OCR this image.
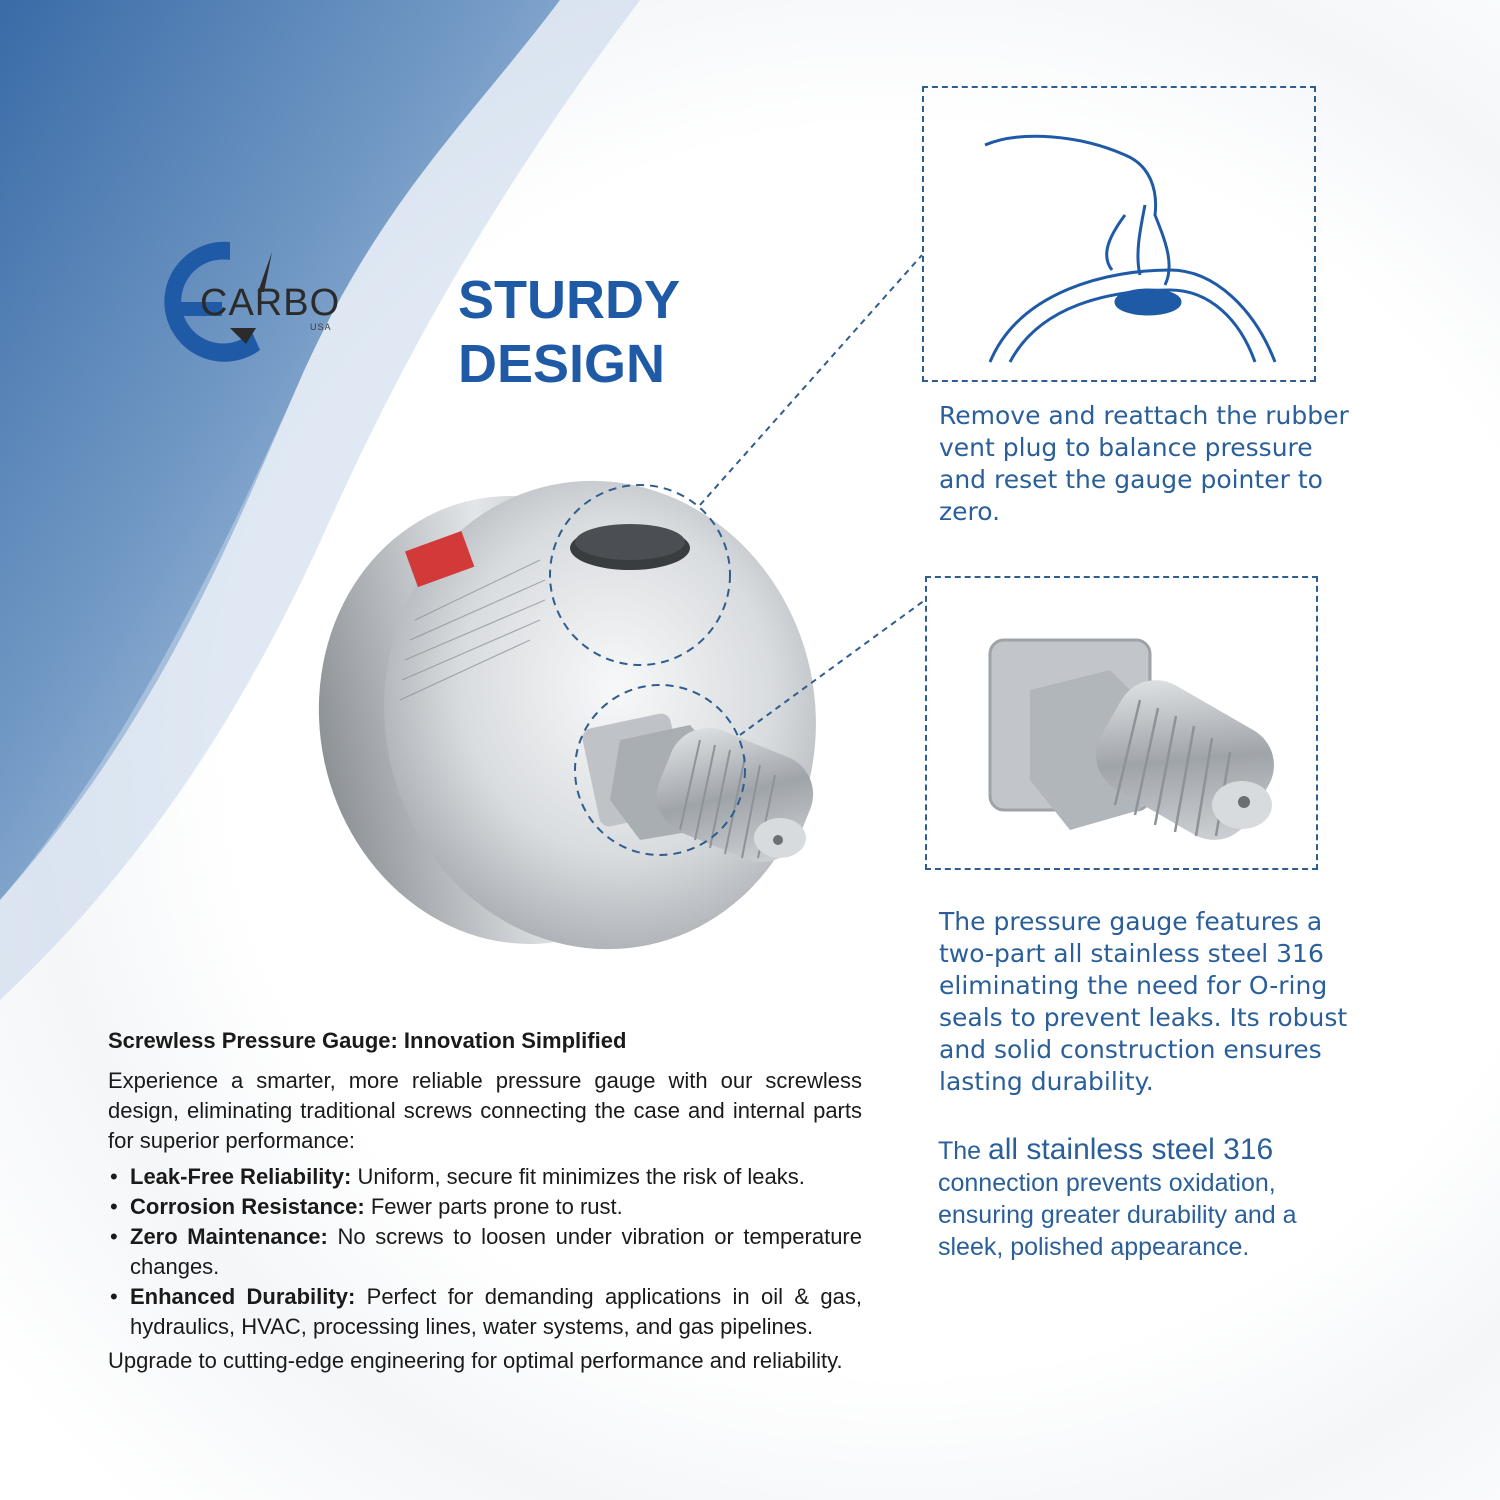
CARBO
USA STURDY
DESIGN
Remove and reattach the rubber vent plug to balance pressure and reset the gauge pointer to zero.
The pressure gauge features a two-part all stainless steel 316 eliminating the need for O-ring seals to prevent leaks. Its robust and solid construction ensures lasting durability.
The all stainless steel 316 connection prevents oxidation, ensuring greater durability and a sleek, polished appearance.

Screwless Pressure Gauge: Innovation Simplified

Experience a smarter, more reliable pressure gauge with our screwless design, eliminating traditional screws connecting the case and internal parts for superior performance:

• Leak-Free Reliability: Uniform, secure fit minimizes the risk of leaks.
• Corrosion Resistance: Fewer parts prone to rust.
• Zero Maintenance: No screws to loosen under vibration or temperature changes.
• Enhanced Durability: Perfect for demanding applications in oil & gas, hydraulics, HVAC, processing lines, water systems, and gas pipelines.

Upgrade to cutting-edge engineering for optimal performance and reliability.
